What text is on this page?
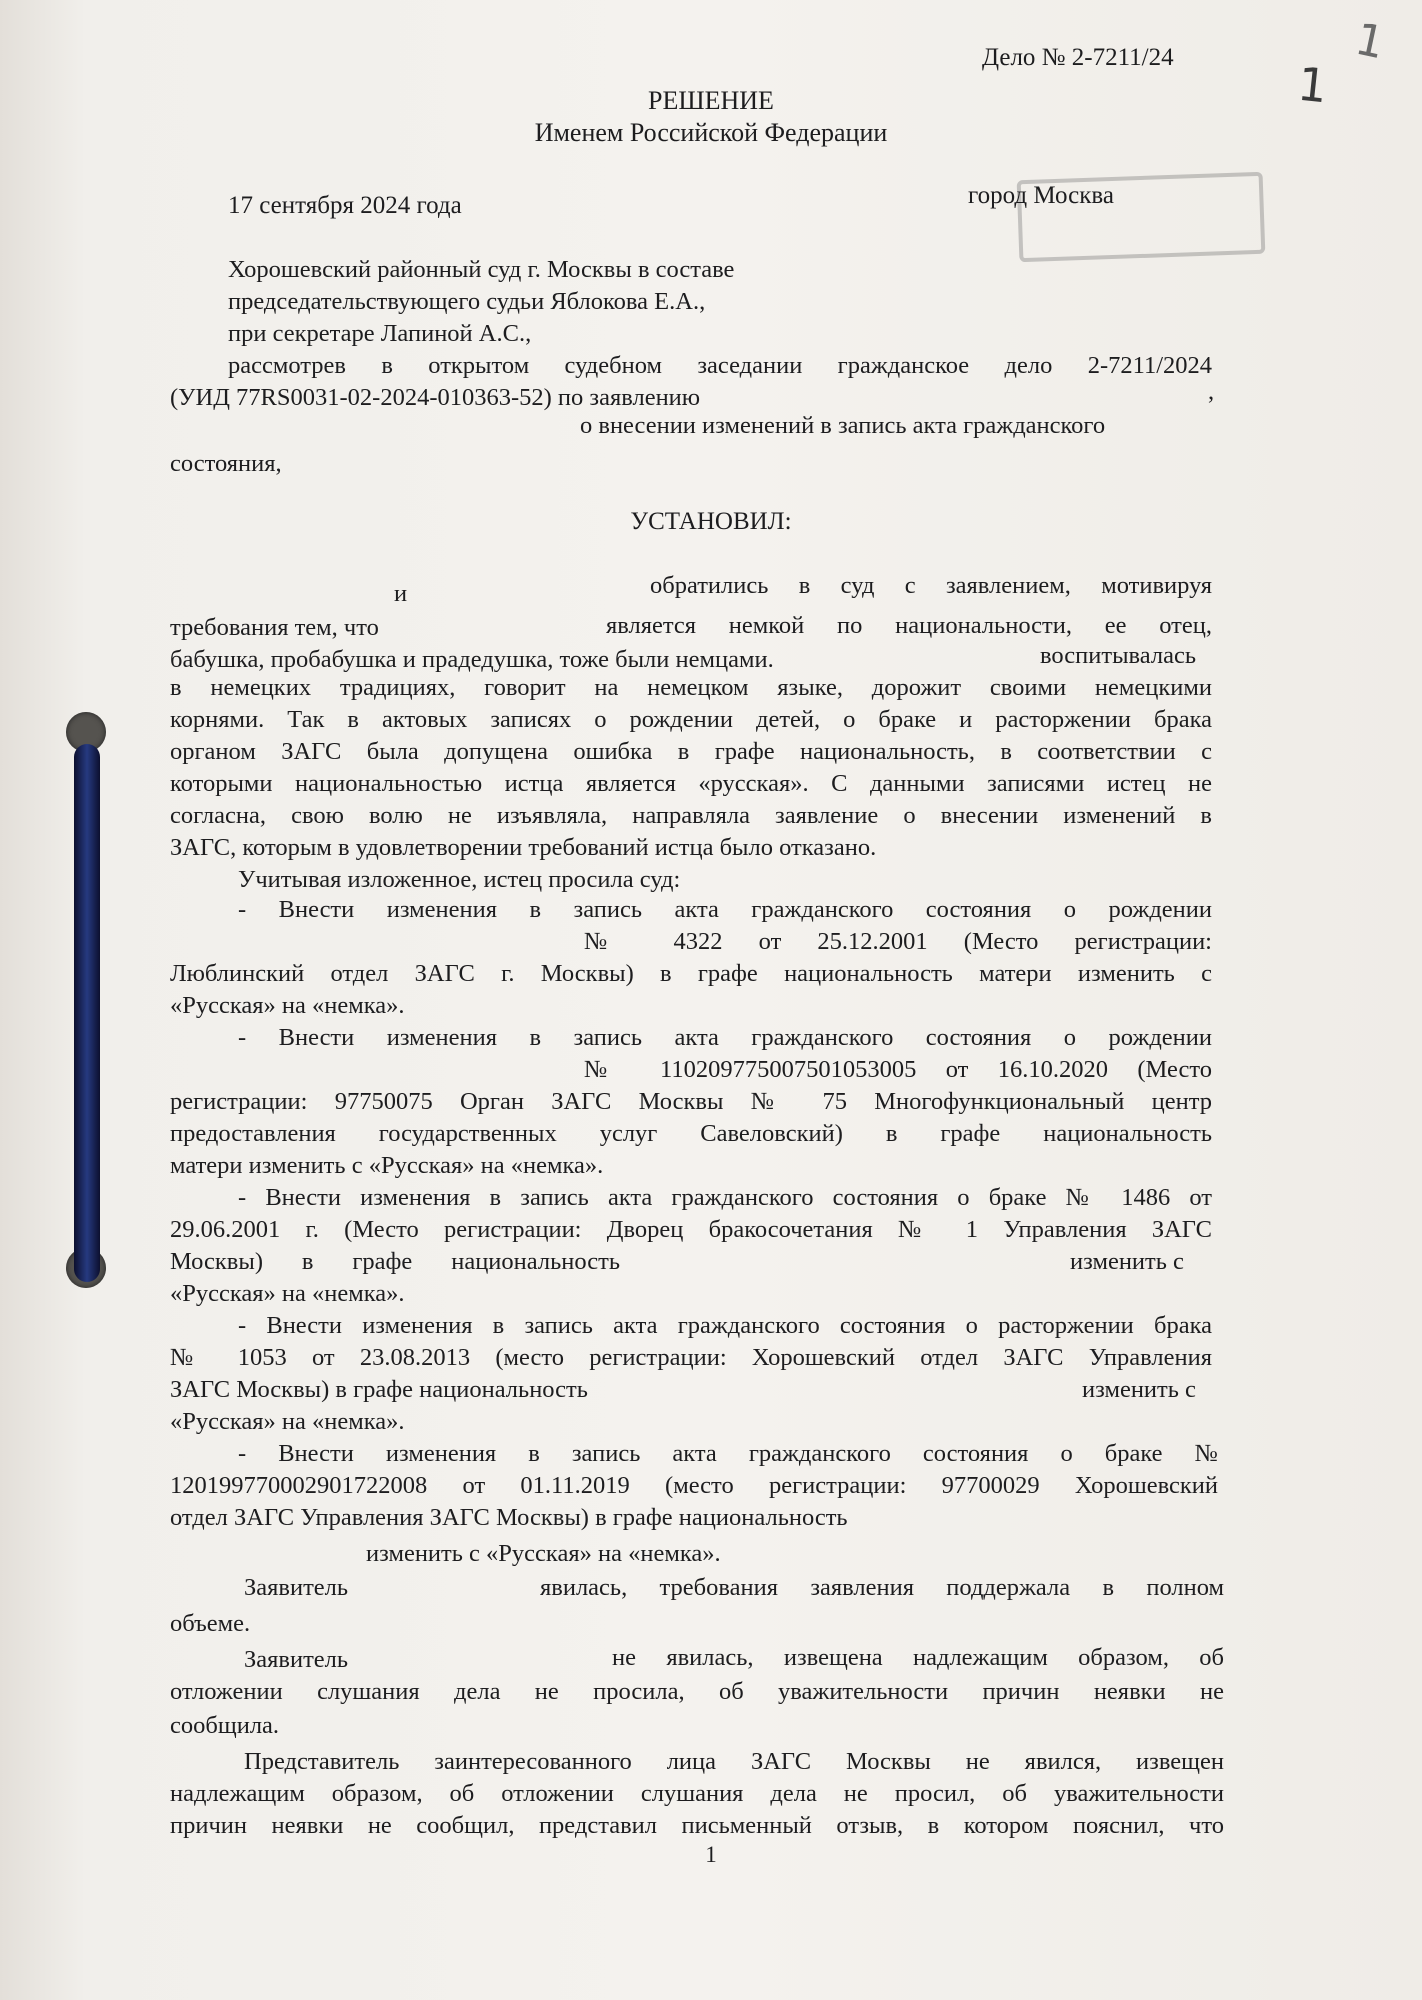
1
1
Дело № 2-7211/24
РЕШЕНИЕ
Именем Российской Федерации
17 сентября 2024 года	город Москва
Хорошевский районный суд г. Москвы в составе
председательствующего судьи Яблокова Е.А.,
при секретаре Лапиной А.С.,
рассмотрев в открытом судебном заседании гражданское дело 2-7211/2024
(УИД 77RS0031-02-2024-010363-52) по заявлению	,
о внесении изменений в запись акта гражданского
состояния,
УСТАНОВИЛ:
и	обратились в суд с заявлением, мотивируя
требования тем, что	является немкой по национальности, ее отец,
бабушка, пробабушка и прадедушка, тоже были немцами.	воспитывалась
в немецких традициях, говорит на немецком языке, дорожит своими немецкими
корнями. Так в актовых записях о рождении детей, о браке и расторжении брака
органом ЗАГС была допущена ошибка в графе национальность, в соответствии с
которыми национальностью истца является «русская». С данными записями истец не
согласна, свою волю не изъявляла, направляла заявление о внесении изменений в
ЗАГС, которым в удовлетворении требований истца было отказано.
Учитывая изложенное, истец просила суд:
- Внести изменения в запись акта гражданского состояния о рождении
№ 4322 от 25.12.2001 (Место регистрации:
Люблинский отдел ЗАГС г. Москвы) в графе национальность матери изменить с
«Русская» на «немка».
- Внести изменения в запись акта гражданского состояния о рождении
№ 110209775007501053005 от 16.10.2020 (Место
регистрации: 97750075 Орган ЗАГС Москвы № 75 Многофункциональный центр
предоставления государственных услуг Савеловский) в графе национальность
матери изменить с «Русская» на «немка».
- Внести изменения в запись акта гражданского состояния о браке № 1486 от
29.06.2001 г. (Место регистрации: Дворец бракосочетания № 1 Управления ЗАГС
Москвы) в графе национальность	изменить с
«Русская» на «немка».
- Внести изменения в запись акта гражданского состояния о расторжении брака
№ 1053 от 23.08.2013 (место регистрации: Хорошевский отдел ЗАГС Управления
ЗАГС Москвы) в графе национальность	изменить с
«Русская» на «немка».
- Внести изменения в запись акта гражданского состояния о браке №
120199770002901722008 от 01.11.2019 (место регистрации: 97700029 Хорошевский
отдел ЗАГС Управления ЗАГС Москвы) в графе национальность
изменить с «Русская» на «немка».
Заявитель	явилась, требования заявления поддержала в полном
объеме.
Заявитель	не явилась, извещена надлежащим образом, об
отложении слушания дела не просила, об уважительности причин неявки не
сообщила.
Представитель заинтересованного лица ЗАГС Москвы не явился, извещен
надлежащим образом, об отложении слушания дела не просил, об уважительности
причин неявки не сообщил, представил письменный отзыв, в котором пояснил, что
1
